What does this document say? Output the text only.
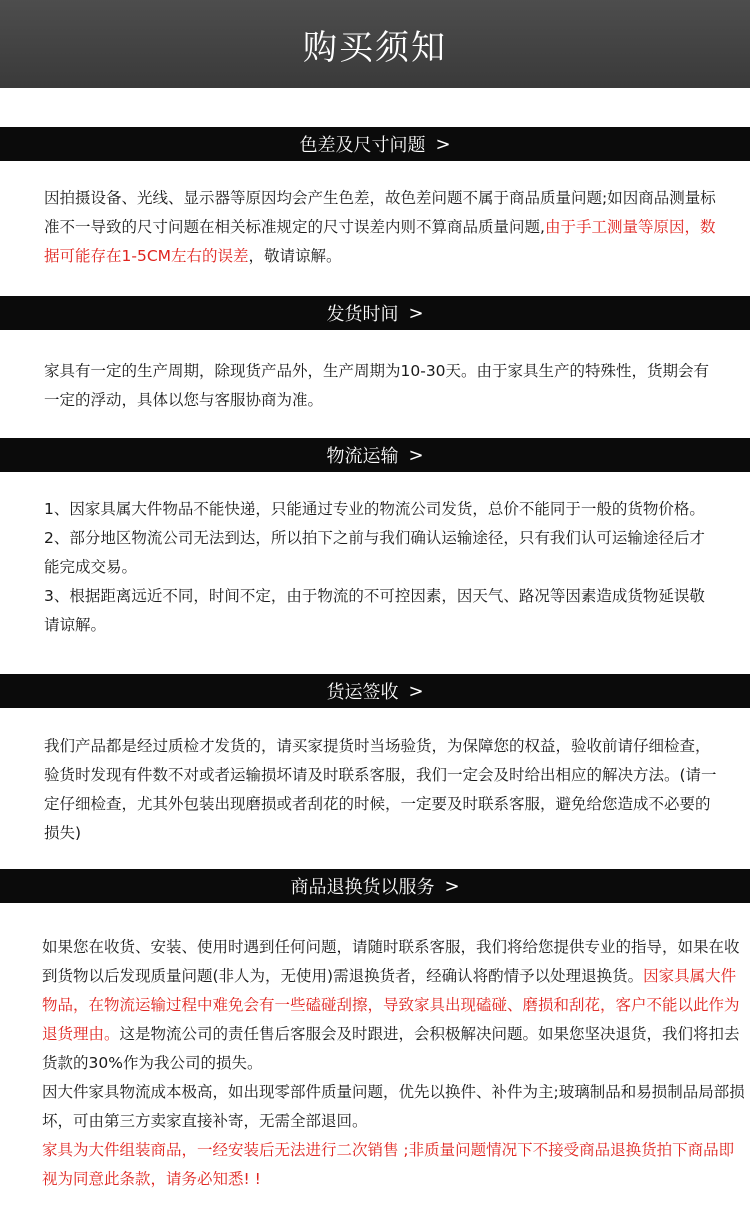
购买须知
色差及尺寸问题 >

因拍摄设备、光线、显示器等原因均会产生色差，故色差问题不属于商品质量问题;如因商品测量标准不一导致的尺寸问题在相关标准规定的尺寸误差内则不算商品质量问题,由于手工测量等原因，数据可能存在1-5CM左右的误差，敬请谅解。

发货时间 >

家具有一定的生产周期，除现货产品外，生产周期为10-30天。由于家具生产的特殊性，货期会有一定的浮动，具体以您与客服协商为准。

物流运输 >

1、因家具属大件物品不能快递，只能通过专业的物流公司发货，总价不能同于一般的货物价格。

2、部分地区物流公司无法到达，所以拍下之前与我们确认运输途径，只有我们认可运输途径后才能完成交易。

3、根据距离远近不同，时间不定，由于物流的不可控因素，因天气、路况等因素造成货物延误敬请谅解。

货运签收 >

我们产品都是经过质检才发货的，请买家提货时当场验货，为保障您的权益，验收前请仔细检查，验货时发现有件数不对或者运输损坏请及时联系客服，我们一定会及时给出相应的解决方法。(请一定仔细检查，尤其外包装出现磨损或者刮花的时候，一定要及时联系客服，避免给您造成不必要的损失)

商品退换货以服务 >

如果您在收货、安装、使用时遇到任何问题，请随时联系客服，我们将给您提供专业的指导，如果在收到货物以后发现质量问题(非人为，无使用)需退换货者，经确认将酌情予以处理退换货。因家具属大件物品，在物流运输过程中难免会有一些磕碰刮擦，导致家具出现磕碰、磨损和刮花，客户不能以此作为退货理由。这是物流公司的责任售后客服会及时跟进，会积极解决问题。如果您坚决退货，我们将扣去货款的30%作为我公司的损失。

因大件家具物流成本极高，如出现零部件质量问题，优先以换件、补件为主;玻璃制品和易损制品局部损坏，可由第三方卖家直接补寄，无需全部退回。

家具为大件组装商品，一经安装后无法进行二次销售 ;非质量问题情况下不接受商品退换货拍下商品即视为同意此条款，请务必知悉! !
